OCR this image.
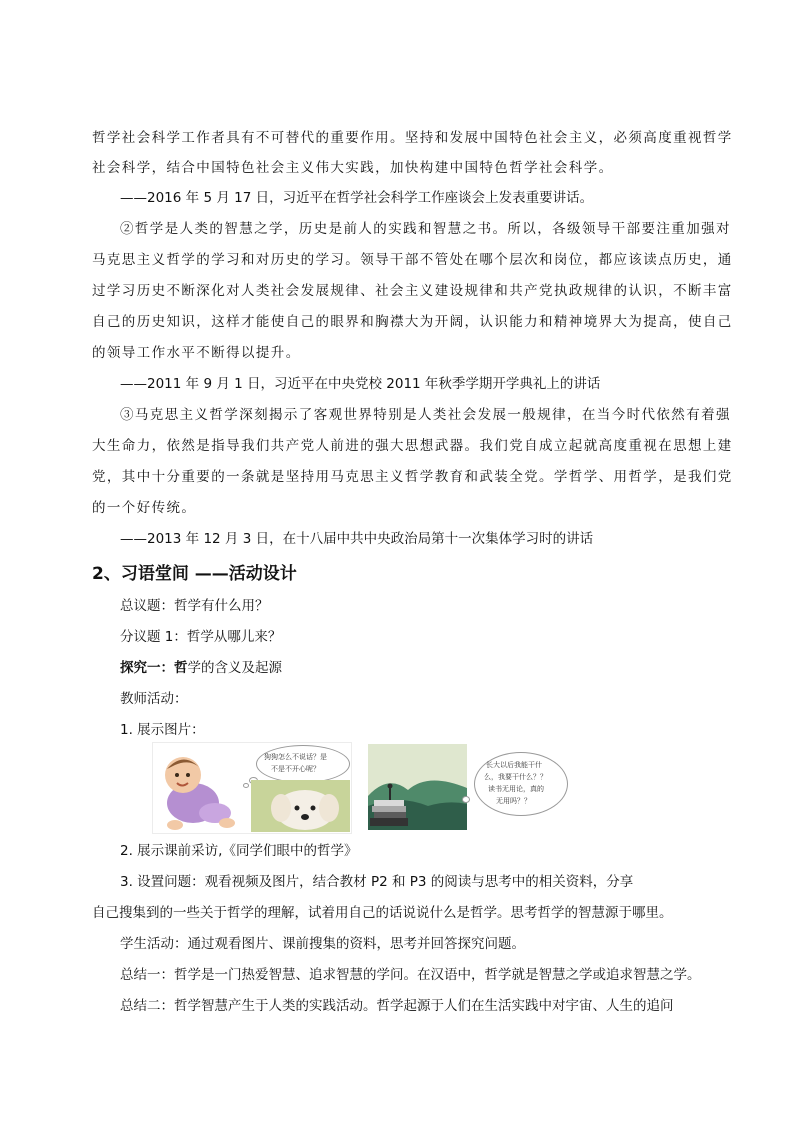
哲学社会科学工作者具有不可替代的重要作用。坚持和发展中国特色社会主义，必须高度重视哲学
社会科学，结合中国特色社会主义伟大实践，加快构建中国特色哲学社会科学。
——2016 年 5 月 17 日，习近平在哲学社会科学工作座谈会上发表重要讲话。
②哲学是人类的智慧之学，历史是前人的实践和智慧之书。所以，各级领导干部要注重加强对
马克思主义哲学的学习和对历史的学习。领导干部不管处在哪个层次和岗位，都应该读点历史，通
过学习历史不断深化对人类社会发展规律、社会主义建设规律和共产党执政规律的认识，不断丰富
自己的历史知识，这样才能使自己的眼界和胸襟大为开阔，认识能力和精神境界大为提高，使自己
的领导工作水平不断得以提升。
——2011 年 9 月 1 日，习近平在中央党校 2011 年秋季学期开学典礼上的讲话
③马克思主义哲学深刻揭示了客观世界特别是人类社会发展一般规律，在当今时代依然有着强
大生命力，依然是指导我们共产党人前进的强大思想武器。我们党自成立起就高度重视在思想上建
党，其中十分重要的一条就是坚持用马克思主义哲学教育和武装全党。学哲学、用哲学，是我们党
的一个好传统。
——2013 年 12 月 3 日，在十八届中共中央政治局第十一次集体学习时的讲话
2、习语堂间 ——活动设计
总议题：哲学有什么用？
分议题 1：哲学从哪儿来？
探究一：哲学的含义及起源
教师活动：
1. 展示图片：
狗狗怎么不说话？是
不是不开心呢？	长大以后我能干什
么，我要干什么？？
读书无用论，真的
无用吗？？
2. 展示课前采访,《同学们眼中的哲学》
3. 设置问题：观看视频及图片，结合教材 P2 和 P3 的阅读与思考中的相关资料，分享
自己搜集到的一些关于哲学的理解，试着用自己的话说说什么是哲学。思考哲学的智慧源于哪里。
学生活动：通过观看图片、课前搜集的资料，思考并回答探究问题。
总结一：哲学是一门热爱智慧、追求智慧的学问。在汉语中，哲学就是智慧之学或追求智慧之学。
总结二：哲学智慧产生于人类的实践活动。哲学起源于人们在生活实践中对宇宙、人生的追问
